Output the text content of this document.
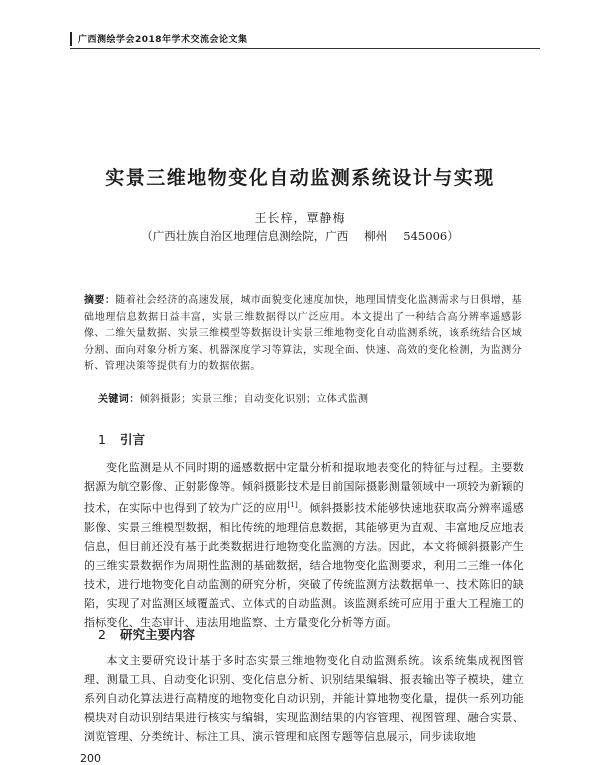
广西测绘学会2018年学术交流会论文集
实景三维地物变化自动监测系统设计与实现
王长梓，覃静梅
（广西壮族自治区地理信息测绘院，广西 柳州 545006）
摘要：随着社会经济的高速发展，城市面貌变化速度加快，地理国情变化监测需求与日俱增，基础地理信息数据日益丰富，实景三维数据得以广泛应用。本文提出了一种结合高分辨率遥感影像、二维矢量数据、实景三维模型等数据设计实景三维地物变化自动监测系统，该系统结合区域分割、面向对象分析方案、机器深度学习等算法，实现全面、快速、高效的变化检测，为监测分析、管理决策等提供有力的数据依据。
关键词：倾斜摄影；实景三维；自动变化识别；立体式监测
1 引言
变化监测是从不同时期的遥感数据中定量分析和提取地表变化的特征与过程。主要数据源为航空影像、正射影像等。倾斜摄影技术是目前国际摄影测量领域中一项较为新颖的技术，在实际中也得到了较为广泛的应用[1]。倾斜摄影技术能够快速地获取高分辨率遥感影像、实景三维模型数据，相比传统的地理信息数据，其能够更为直观、丰富地反应地表信息，但目前还没有基于此类数据进行地物变化监测的方法。因此，本文将倾斜摄影产生的三维实景数据作为周期性监测的基础数据，结合地物变化监测要求，利用二三维一体化技术，进行地物变化自动监测的研究分析，突破了传统监测方法数据单一、技术陈旧的缺陷，实现了对监测区域覆盖式、立体式的自动监测。该监测系统可应用于重大工程施工的指标变化、生态审计、违法用地监察、土方量变化分析等方面。
2 研究主要内容
本文主要研究设计基于多时态实景三维地物变化自动监测系统。该系统集成视图管理、测量工具、自动变化识别、变化信息分析、识别结果编辑、报表输出等子模块，建立系列自动化算法进行高精度的地物变化自动识别，并能计算地物变化量，提供一系列功能模块对自动识别结果进行核实与编辑，实现监测结果的内容管理、视图管理、融合实景、浏览管理、分类统计、标注工具、演示管理和底图专题等信息展示，同步读取地
200
